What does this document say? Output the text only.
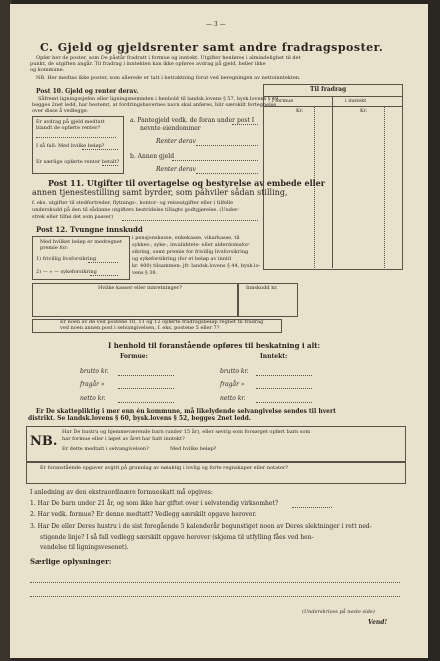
— 3 —
C. Gjeld og gjeldsrenter samt andre fradragsposter.
Opfør her de poster, som De påstår fradratt i formue og inntekt. Utgifter henføres i almindelighet til det
punkt, de utgiften angår. Til fradrag i inntekten kan ikke opføres avdrag på gjeld, heller ikke
og kommune.
NB. Her medtas ikke poster, som allerede er tatt i betraktning forut ved beregningen av nettoinntekten.
Til fradrag
i formue	i inntekt
Kr.	Kr.
Post 10. Gjeld og renter derav.
Såfremt ligningssjefen eller ligningsnemnden i henhold til landsk.lovens § 57, bysk.lovens § 49,
begges 2net ledd, har bestemt, at fordringshavernes navn skal anføres, blir særskilt fortegnelse
over disse å vedlegge.
Er avdrag på gjeld medtatt
blandt de opførte renter?
I så fall: Med hvilke beløp?
Er særlige opførte renter betalt?
a. Pantegjeld vedk. de foran under post I
nevnte eiendommer
Renter derav
b. Annen gjeld
Renter derav
Post 11. Utgifter til overtagelse og bestyrelse av embede eller
annen tjenestestilling samt byrder, som påhviler sådan stilling,
f. eks. utgifter til stedfortreder, flytnings-, kontor- og reiseutgifter eller i tilfelle
underskudd på den til sådanne utgifters bestridelse tillagte godtgjørelse. (Under-
strek eller tilføi det som passer)
Post 12. Tvungne innskudd
Med hvilket beløp er medregnet
premie for:
1) frivillig livsforsikring
2) — » — sykeforsikring
i pensjonskasse, enkekasse, vikarkasse, til
sykkes-, syke-, invaliditets- eller alderdomsfor-
sikring, samt premie for frivillig livsforsikring
og sykeforsikring (for et beløp av inntil
kr. 400) tilsammen: jfr. landsk.lovens § 44, bysk.lo-
vens § 38.
Hvilke kasser eller innretninger?	Innskudd kr.
Er noen av de ved postene 10, 11 og 12 opførte fradragsbeløp regnet til fradrag
ved noen annen post i selvangivelsen, f. eks. postene 5 eller 7?
I henhold til foranstående opføres til beskatning i alt:
Formue:	Inntekt:
brutto kr.	brutto kr.
fragår »	fragår »
netto kr.	netto kr.
Er De skattepliktig i mer enn én kommune, må likelydende selvangivelse sendes til hvert
distrikt. Se landsk.lovens § 60, bysk.lovens § 52, begges 2net ledd.
NB.
Har De hustru og hjemmeværende barn (under 15 år), eller søvrig som forsørget opført barn som
har formue eller i løpet av året har hatt inntekt?
Er dette medtatt i selvangivelsen?	Med hvilke beløp?
Er foranstående opgaver avgitt på grunnlag av nøiaktig i lovlig og forte regnskaper eller notater?
I anledning av den ekstraordinære formueskatt må opgives:
1. Har De barn under 21 år, og som ikke har giftet over i selvstendig virksomhet?
2. Har vedk. formue? Er denne medtatt? Vedlegg særskilt opgave herover.
3. Har De eller Deres hustru i de sist foregående 5 kalenderår begunstiget noen av Deres slektninger i rett ned-
stigende linje? I så fall vedlegg særskilt opgave herover (skjema til utfylling fåes ved hen-
vendelse til ligningsvesenet).
Særlige oplysninger:
(Underskrives på neste side)
Vend!
